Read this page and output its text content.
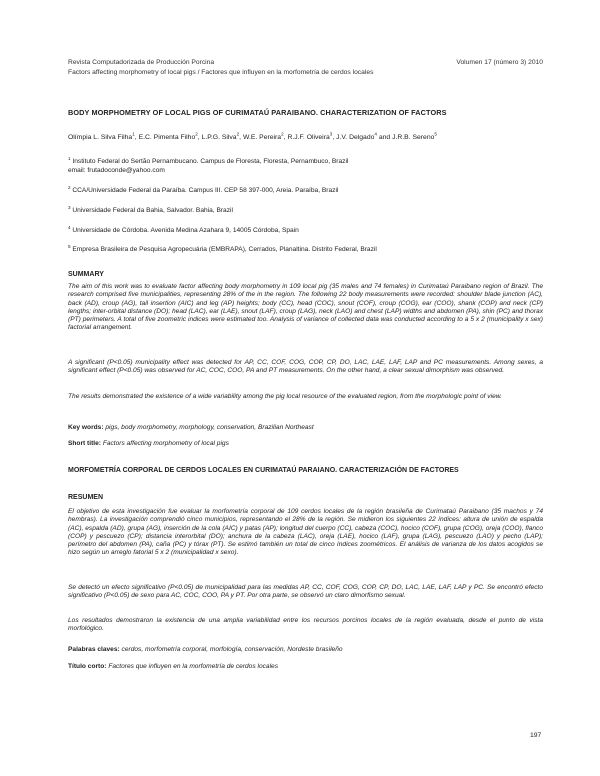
Revista Computadorizada de Producción Porcina	Volumen 17 (número 3) 2010
Factors affecting morphometry of local pigs / Factores que influyen en la morfometría de cerdos locales
BODY MORPHOMETRY OF LOCAL PIGS OF CURIMATAÚ PARAIBANO. CHARACTERIZATION OF FACTORS
Olímpia L. Silva Filha$^1$, E.C. Pimenta Filho$^2$, L.P.G. Silva$^2$, W.E. Pereira$^2$, R.J.F. Oliveira$^3$, J.V. Delgado$^4$ and J.R.B. Sereno$^5$
$^1$ Instituto Federal do Sertão Pernambucano. Campus de Floresta, Floresta, Pernambuco, Brazil
email: frutadoconde@yahoo.com
$^2$ CCA/Universidade Federal da Paraíba. Campus III. CEP 58 397-000, Areia. Paraíba, Brazil
$^3$ Universidade Federal da Bahia, Salvador. Bahia, Brazil
$^4$ Universidade de Córdoba. Avenida Medina Azahara 9, 14005 Córdoba, Spain
$^5$ Empresa Brasileira de Pesquisa Agropecuária (EMBRAPA), Cerrados, Planaltina. Distrito Federal, Brazil
SUMMARY
The aim of this work was to evaluate factor affecting body morphometry in 109 local pig (35 males and 74 females) in Curimataú Paraibano region of Brazil. The research comprised five municipalities, representing 28% of the in the region. The following 22 body measurements were recorded: shoulder blade junction (AC), back (AD), croup (AG), tail insertion (AIC) and leg (AP) heights; body (CC), head (COC), snout (COF), croup (COG), ear (COO), shank (COP) and neck (CP) lengths; inter-orbital distance (DO); head (LAC), ear (LAE), snout (LAF), croup (LAG), neck (LAO) and chest (LAP) widths and abdomen (PA), shin (PC) and thorax (PT) perimeters. A total of five zoometric indices were estimated too. Analysis of variance of collected data was conducted according to a 5 x 2 (municipality x sex) factorial arrangement.
A significant (P<0.05) municipality effect was detected for AP, CC, COF, COG, COP, CP, DO, LAC, LAE, LAF, LAP and PC measurements. Among sexes, a significant effect (P<0.05) was observed for AC, COC, COO, PA and PT measurements. On the other hand, a clear sexual dimorphism was observed.
The results demonstrated the existence of a wide variability among the pig local resource of the evaluated region, from the morphologic point of view.
Key words: pigs, body morphometry, morphology, conservation, Brazilian Northeast
Short title: Factors affecting morphometry of local pigs
MORFOMETRÍA CORPORAL DE CERDOS LOCALES EN CURIMATAÚ PARAIANO. CARACTERIZACIÓN DE FACTORES
RESUMEN
El objetivo de esta investigación fue evaluar la morfometría corporal de 109 cerdos locales de la región brasileña de Curimataú Paraibano (35 machos y 74 hembras). La investigación comprendió cinco municipios, representando el 28% de la región. Se midieron los siguientes 22 índices: altura de unión de espalda (AC), espalda (AD), grupa (AG), inserción de la cola (AIC) y patas (AP); longitud del cuerpo (CC), cabeza (COC), hocico (COF), grupa (COG), oreja (COO), flanco (COP) y pescuezo (CP); distancia interorbital (DO); anchura de la cabeza (LAC), oreja (LAE), hocico (LAF), grupa (LAG), pescuezo (LAO) y pecho (LAP); perímetro del abdomen (PA), caña (PC) y tórax (PT). Se estimó también un total de cinco índices zoométricos. El análisis de varianza de los datos acogidos se hizo según un arreglo fatorial 5 x 2 (municipalidad x sexo).
Se detectó un efecto significativo (P<0.05) de municipalidad para las medidas AP, CC, COF, COG, COP, CP, DO, LAC, LAE, LAF, LAP y PC. Se encontró efecto significativo (P<0.05) de sexo para AC, COC, COO, PA y PT. Por otra parte, se observó un claro dimorfismo sexual.
Los resultados demostraron la existencia de una amplia variabilidad entre los recursos porcinos locales de la región evaluada, desde el punto de vista morfológico.
Palabras claves: cerdos, morfometría corporal, morfología, conservación, Nordeste brasileño
Título corto: Factores que influyen en la morfometría de cerdos locales
197
